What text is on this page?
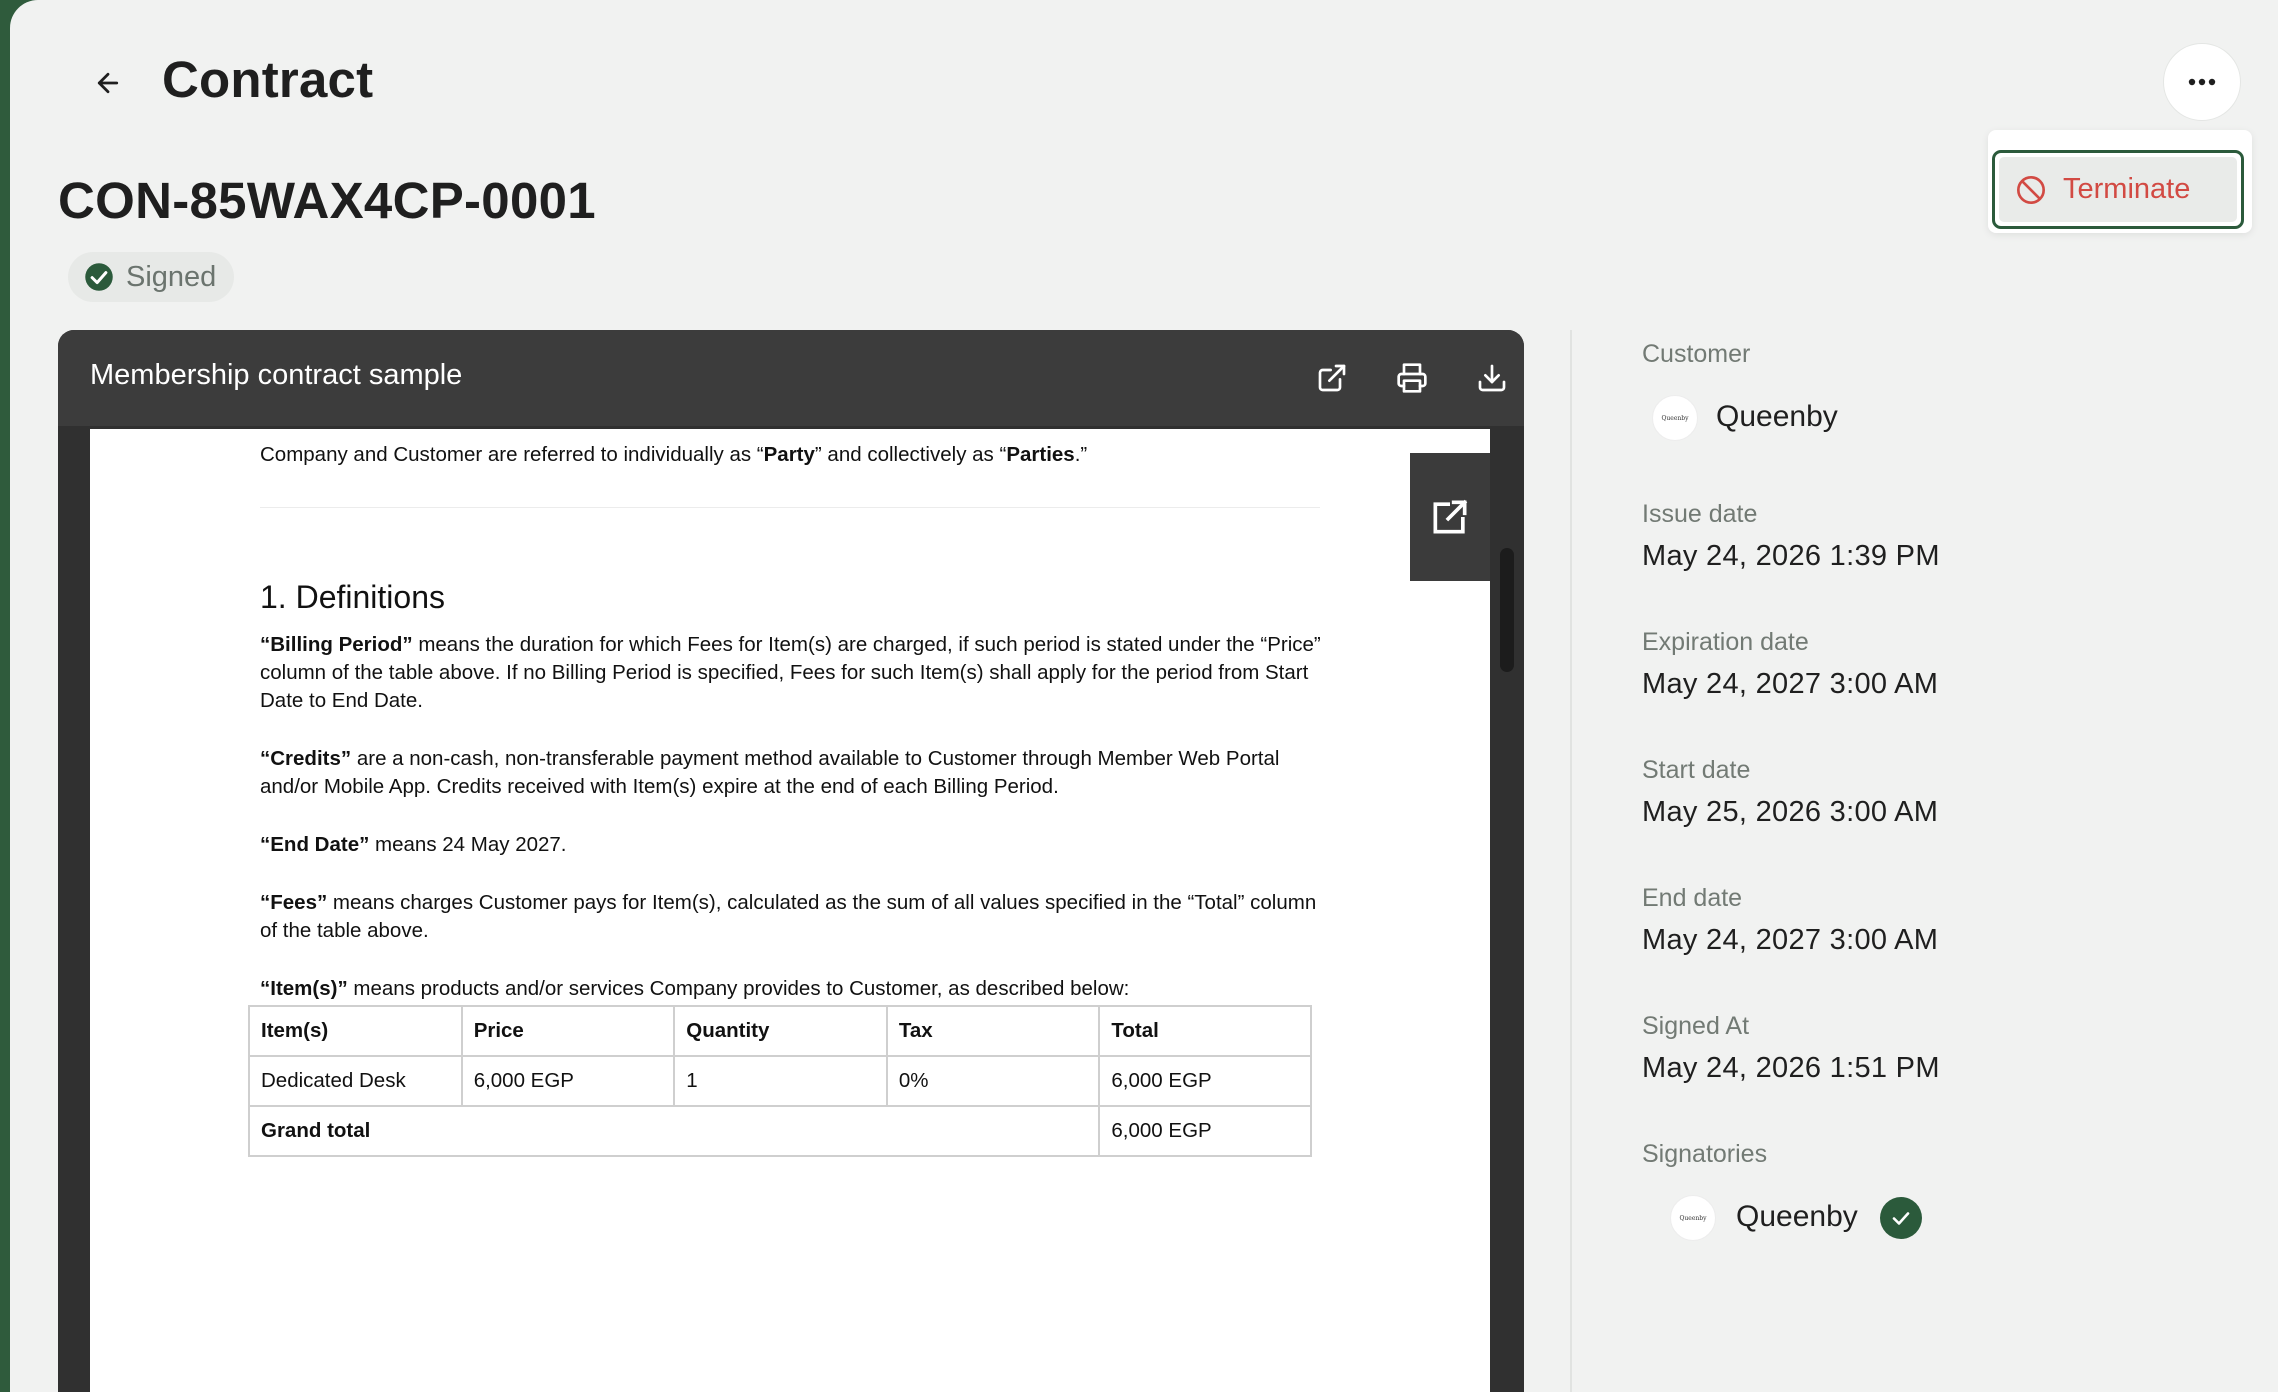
Contract
Terminate
CON-85WAX4CP-0001
Signed
Membership contract sample

Company and Customer are referred to individually as “Party” and collectively as “Parties.”

1. Definitions

“Billing Period” means the duration for which Fees for Item(s) are charged, if such period is stated under the “Price” column of the table above. If no Billing Period is specified, Fees for such Item(s) shall apply for the period from Start Date to End Date.

“Credits” are a non-cash, non-transferable payment method available to Customer through Member Web Portal and/or Mobile App. Credits received with Item(s) expire at the end of each Billing Period.

“End Date” means 24 May 2027.

“Fees” means charges Customer pays for Item(s), calculated as the sum of all values specified in the “Total” column of the table above.

“Item(s)” means products and/or services Company provides to Customer, as described below:

Item(s)	Price	Quantity	Tax	Total
Dedicated Desk	6,000 EGP	1	0%	6,000 EGP
Grand total				6,000 EGP
Customer
Queenby Queenby
Issue date
May 24, 2026 1:39 PM
Expiration date
May 24, 2027 3:00 AM
Start date
May 25, 2026 3:00 AM
End date
May 24, 2027 3:00 AM
Signed At
May 24, 2026 1:51 PM
Signatories
Queenby Queenby
